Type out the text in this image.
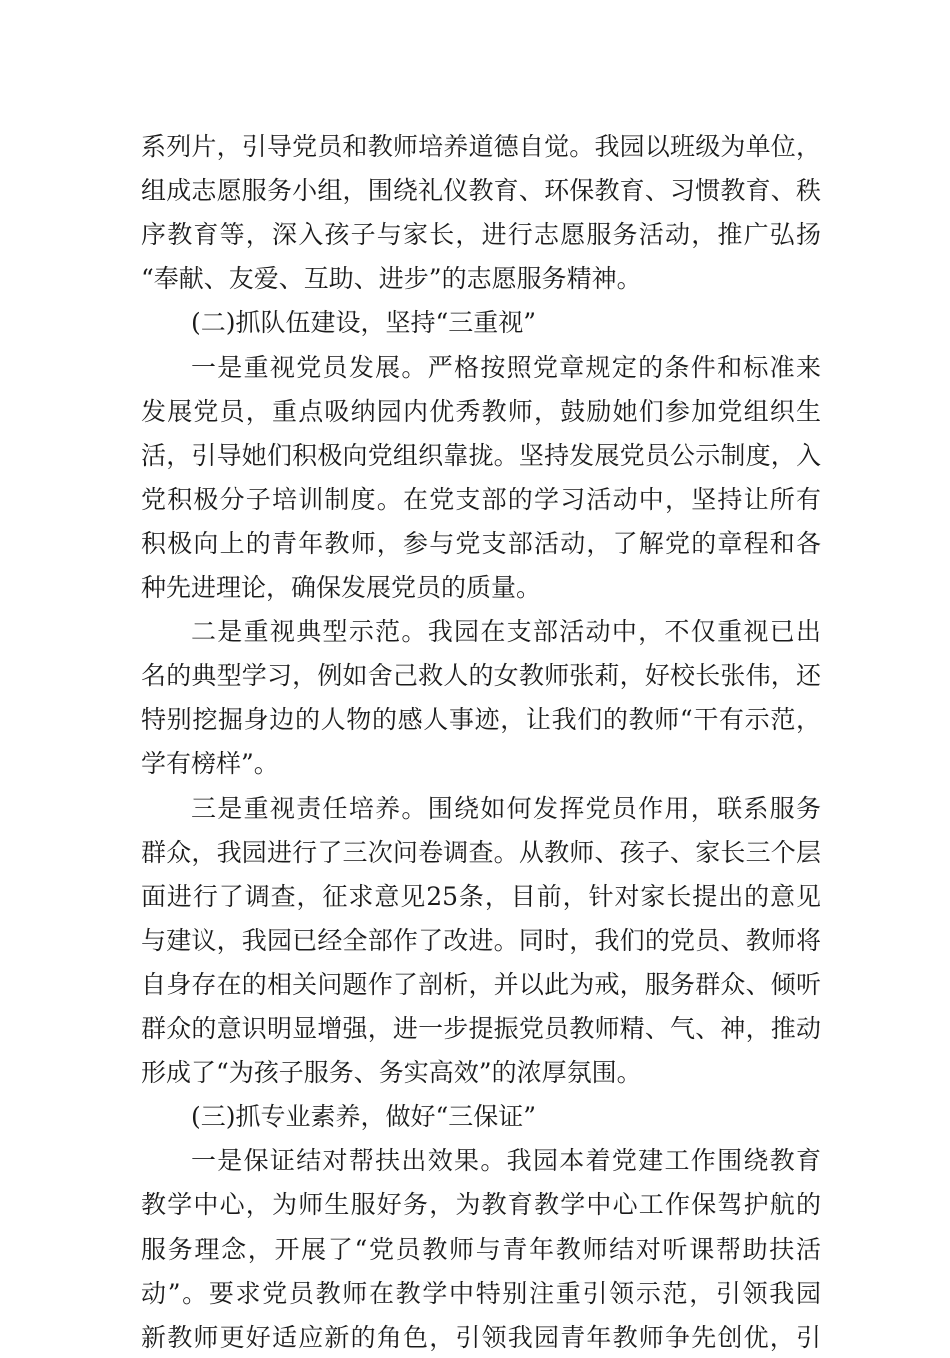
系列片，引导党员和教师培养道德自觉。我园以班级为单位，
组成志愿服务小组，围绕礼仪教育、环保教育、习惯教育、秩
序教育等，深入孩子与家长，进行志愿服务活动，推广弘扬
“奉献、友爱、互助、进步”的志愿服务精神。
(二)抓队伍建设，坚持“三重视”
一是重视党员发展。严格按照党章规定的条件和标准来
发展党员，重点吸纳园内优秀教师，鼓励她们参加党组织生
活，引导她们积极向党组织靠拢。坚持发展党员公示制度，入
党积极分子培训制度。在党支部的学习活动中，坚持让所有
积极向上的青年教师，参与党支部活动，了解党的章程和各
种先进理论，确保发展党员的质量。
二是重视典型示范。我园在支部活动中，不仅重视已出
名的典型学习，例如舍己救人的女教师张莉，好校长张伟，还
特别挖掘身边的人物的感人事迹，让我们的教师“干有示范，
学有榜样”。
三是重视责任培养。围绕如何发挥党员作用，联系服务
群众，我园进行了三次问卷调查。从教师、孩子、家长三个层
面进行了调查，征求意见25条，目前，针对家长提出的意见
与建议，我园已经全部作了改进。同时，我们的党员、教师将
自身存在的相关问题作了剖析，并以此为戒，服务群众、倾听
群众的意识明显增强，进一步提振党员教师精、气、神，推动
形成了“为孩子服务、务实高效”的浓厚氛围。
(三)抓专业素养，做好“三保证”
一是保证结对帮扶出效果。我园本着党建工作围绕教育
教学中心，为师生服好务，为教育教学中心工作保驾护航的
服务理念，开展了“党员教师与青年教师结对听课帮助扶活
动”。要求党员教师在教学中特别注重引领示范，引领我园
新教师更好适应新的角色，引领我园青年教师争先创优，引
